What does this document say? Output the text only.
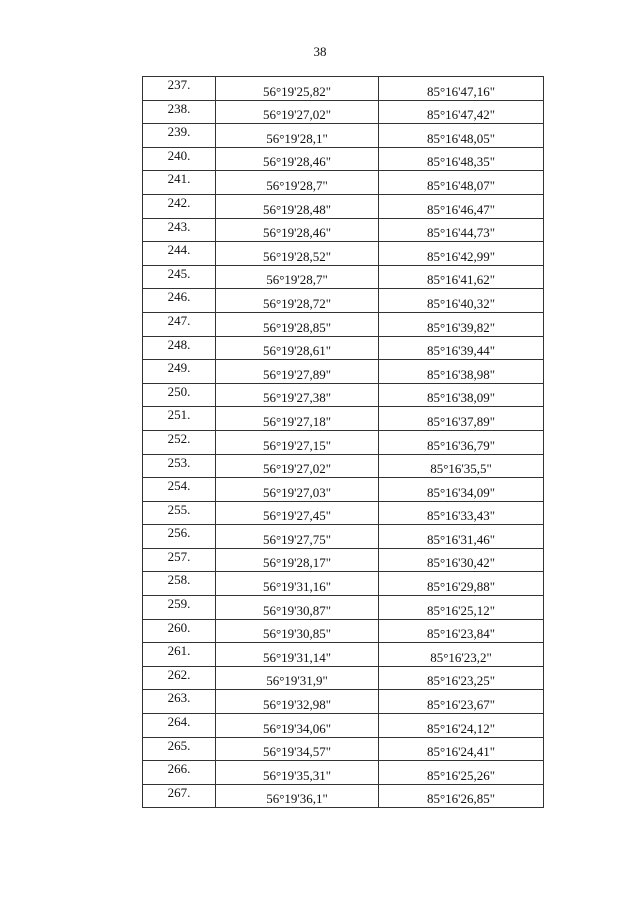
38
237.	56°19'25,82"	85°16'47,16"
238.	56°19'27,02"	85°16'47,42"
239.	56°19'28,1"	85°16'48,05"
240.	56°19'28,46"	85°16'48,35"
241.	56°19'28,7"	85°16'48,07"
242.	56°19'28,48"	85°16'46,47"
243.	56°19'28,46"	85°16'44,73"
244.	56°19'28,52"	85°16'42,99"
245.	56°19'28,7"	85°16'41,62"
246.	56°19'28,72"	85°16'40,32"
247.	56°19'28,85"	85°16'39,82"
248.	56°19'28,61"	85°16'39,44"
249.	56°19'27,89"	85°16'38,98"
250.	56°19'27,38"	85°16'38,09"
251.	56°19'27,18"	85°16'37,89"
252.	56°19'27,15"	85°16'36,79"
253.	56°19'27,02"	85°16'35,5"
254.	56°19'27,03"	85°16'34,09"
255.	56°19'27,45"	85°16'33,43"
256.	56°19'27,75"	85°16'31,46"
257.	56°19'28,17"	85°16'30,42"
258.	56°19'31,16"	85°16'29,88"
259.	56°19'30,87"	85°16'25,12"
260.	56°19'30,85"	85°16'23,84"
261.	56°19'31,14"	85°16'23,2"
262.	56°19'31,9"	85°16'23,25"
263.	56°19'32,98"	85°16'23,67"
264.	56°19'34,06"	85°16'24,12"
265.	56°19'34,57"	85°16'24,41"
266.	56°19'35,31"	85°16'25,26"
267.	56°19'36,1"	85°16'26,85"
